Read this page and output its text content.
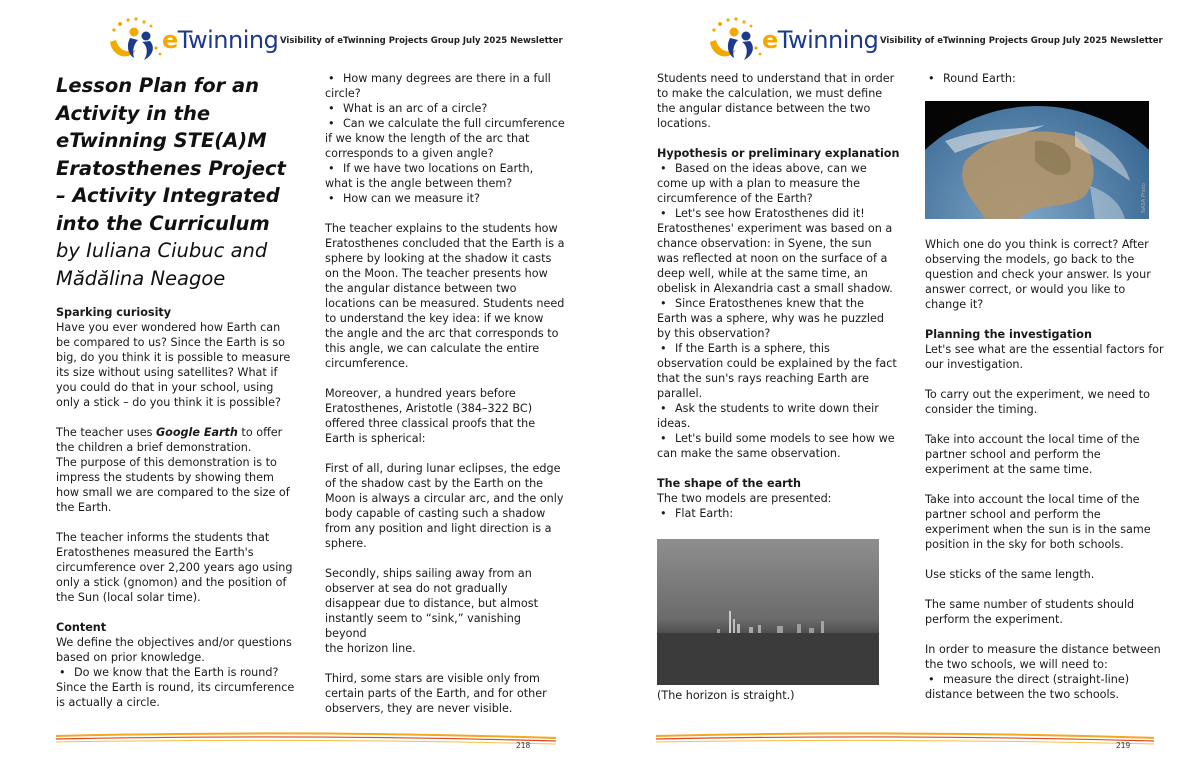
eTwinning Visibility of eTwinning Projects Group July 2025 Newsletter
Lesson Plan for an
Activity in the
eTwinning STE(A)M
Eratosthenes Project
– Activity Integrated
into the Curriculum
by Iuliana Ciubuc and
Mădălina Neagoe
Sparking curiosity

Have you ever wondered how Earth can

be compared to us? Since the Earth is so

big, do you think it is possible to measure

its size without using satellites? What if

you could do that in your school, using

only a stick – do you think it is possible?

The teacher uses Google Earth to offer

the children a brief demonstration.

The purpose of this demonstration is to

impress the students by showing them

how small we are compared to the size of

the Earth.

The teacher informs the students that

Eratosthenes measured the Earth's

circumference over 2,200 years ago using

only a stick (gnomon) and the position of

the Sun (local solar time).

Content

We define the objectives and/or questions

based on prior knowledge.

• Do we know that the Earth is round?

Since the Earth is round, its circumference

is actually a circle.

• How many degrees are there in a full

circle?

• What is an arc of a circle?

• Can we calculate the full circumference

if we know the length of the arc that

corresponds to a given angle?

• If we have two locations on Earth,

what is the angle between them?

• How can we measure it?

The teacher explains to the students how

Eratosthenes concluded that the Earth is a

sphere by looking at the shadow it casts

on the Moon. The teacher presents how

the angular distance between two

locations can be measured. Students need

to understand the key idea: if we know

the angle and the arc that corresponds to

this angle, we can calculate the entire

circumference.

Moreover, a hundred years before

Eratosthenes, Aristotle (384–322 BC)

offered three classical proofs that the

Earth is spherical:

First of all, during lunar eclipses, the edge

of the shadow cast by the Earth on the

Moon is always a circular arc, and the only

body capable of casting such a shadow

from any position and light direction is a

sphere.

Secondly, ships sailing away from an

observer at sea do not gradually

disappear due to distance, but almost

instantly seem to “sink,” vanishing beyond

the horizon line.

Third, some stars are visible only from

certain parts of the Earth, and for other

observers, they are never visible.

218
eTwinning Visibility of eTwinning Projects Group July 2025 Newsletter

Students need to understand that in order

to make the calculation, we must define

the angular distance between the two

locations.

Hypothesis or preliminary explanation

• Based on the ideas above, can we

come up with a plan to measure the

circumference of the Earth?

• Let's see how Eratosthenes did it!

Eratosthenes' experiment was based on a

chance observation: in Syene, the sun

was reflected at noon on the surface of a

deep well, while at the same time, an

obelisk in Alexandria cast a small shadow.

• Since Eratosthenes knew that the

Earth was a sphere, why was he puzzled

by this observation?

• If the Earth is a sphere, this

observation could be explained by the fact

that the sun's rays reaching Earth are

parallel.

• Ask the students to write down their

ideas.

• Let's build some models to see how we

can make the same observation.

The shape of the earth

The two models are presented:

• Flat Earth:

(The horizon is straight.)

• Round Earth:

NASA Photo

Which one do you think is correct? After

observing the models, go back to the

question and check your answer. Is your

answer correct, or would you like to

change it?

Planning the investigation

Let's see what are the essential factors for

our investigation.

To carry out the experiment, we need to

consider the timing.

Take into account the local time of the

partner school and perform the

experiment at the same time.

Take into account the local time of the

partner school and perform the

experiment when the sun is in the same

position in the sky for both schools.

Use sticks of the same length.

The same number of students should

perform the experiment.

In order to measure the distance between

the two schools, we will need to:

• measure the direct (straight-line)

distance between the two schools.

219
